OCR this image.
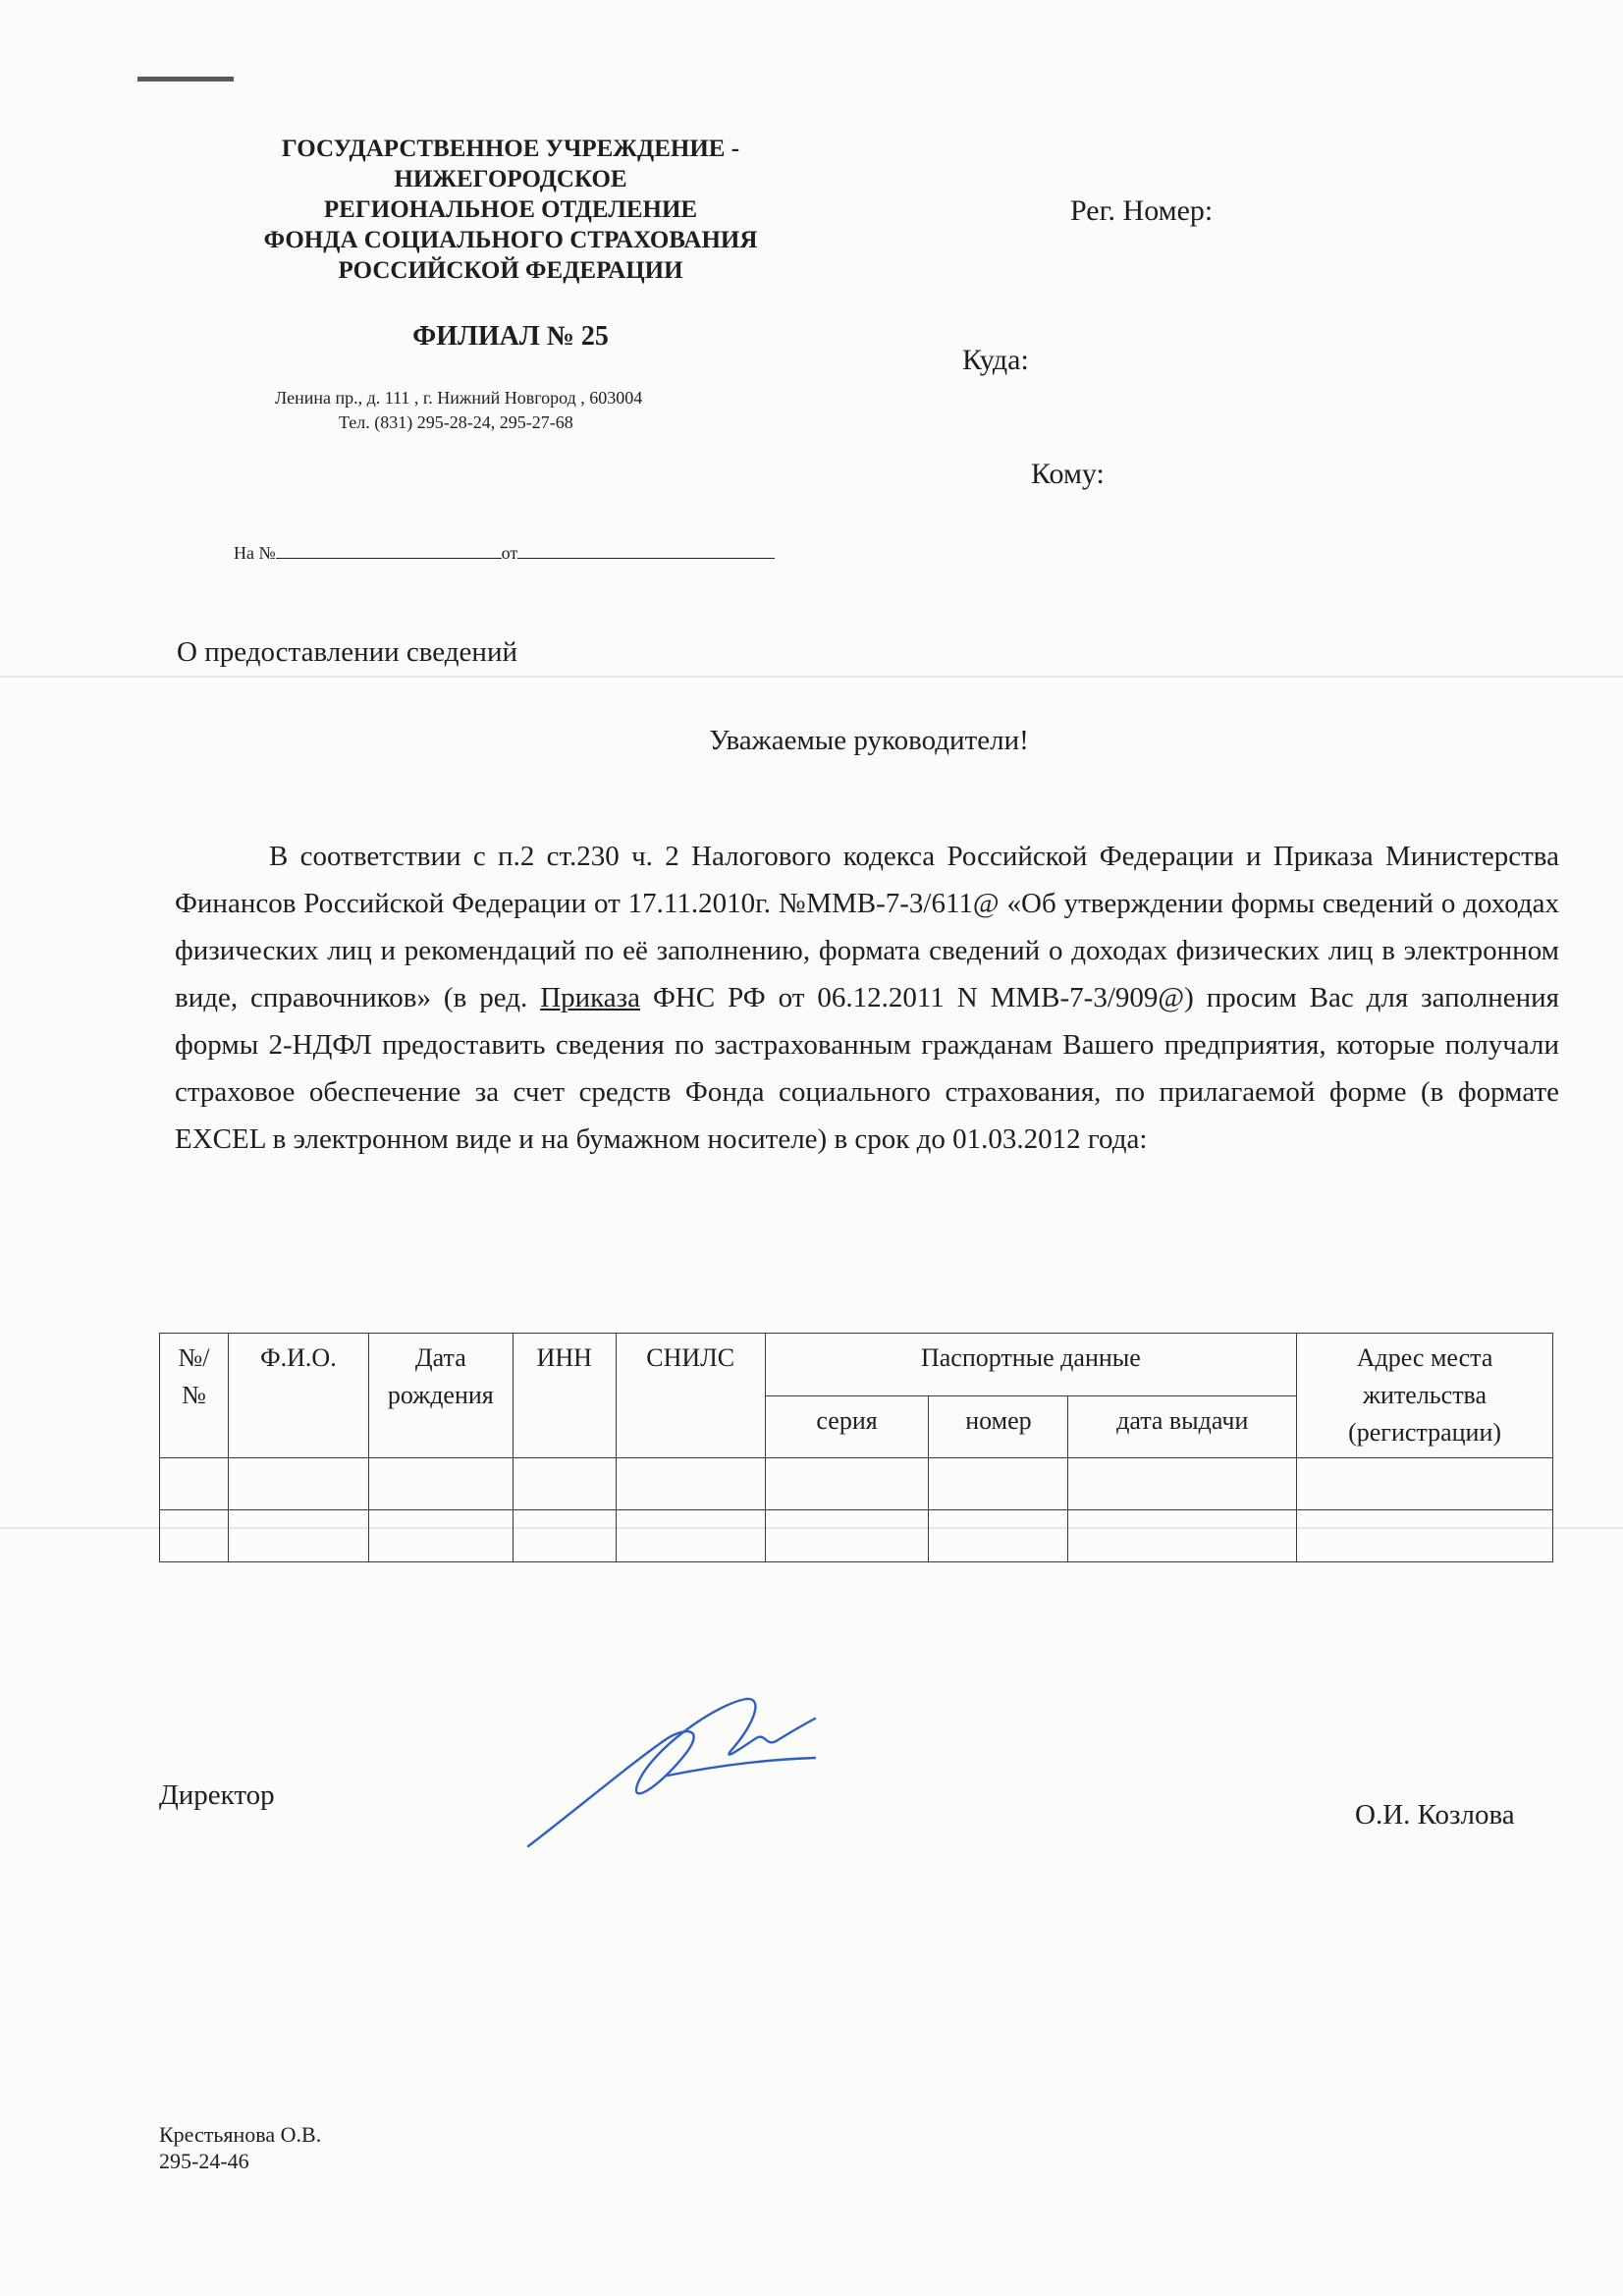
ГОСУДАРСТВЕННОЕ УЧРЕЖДЕНИЕ -
НИЖЕГОРОДСКОЕ
РЕГИОНАЛЬНОЕ ОТДЕЛЕНИЕ
ФОНДА СОЦИАЛЬНОГО СТРАХОВАНИЯ
РОССИЙСКОЙ ФЕДЕРАЦИИ
ФИЛИАЛ № 25
Ленина пр., д. 111 , г. Нижний Новгород , 603004
Тел. (831) 295-28-24, 295-27-68
На №	от
Рег. Номер:
Куда:
Кому:
О предоставлении сведений
Уважаемые руководители!

В соответствии с п.2 ст.230 ч. 2 Налогового кодекса Российской Федерации и Приказа Министерства Финансов Российской Федерации от 17.11.2010г. №ММВ-7-3/611@ «Об утверждении формы сведений о доходах физических лиц и рекомендаций по её заполнению, формата сведений о доходах физических лиц в электронном виде, справочников» (в ред. Приказа ФНС РФ от 06.12.2011 N ММВ-7-3/909@) просим Вас для заполнения формы 2-НДФЛ предоставить сведения по застрахованным гражданам Вашего предприятия, которые получали страховое обеспечение за счет средств Фонда социального страхования, по прилагаемой форме (в формате EXCEL в электронном виде и на бумажном носителе) в срок до 01.03.2012 года:

№/ №	Ф.И.О.	Дата рождения	ИНН	СНИЛС	Паспортные данные			Адрес места жительства (регистрации)
					серия	номер	дата выдачи	

Директор
О.И. Козлова
Крестьянова О.В.
295-24-46
